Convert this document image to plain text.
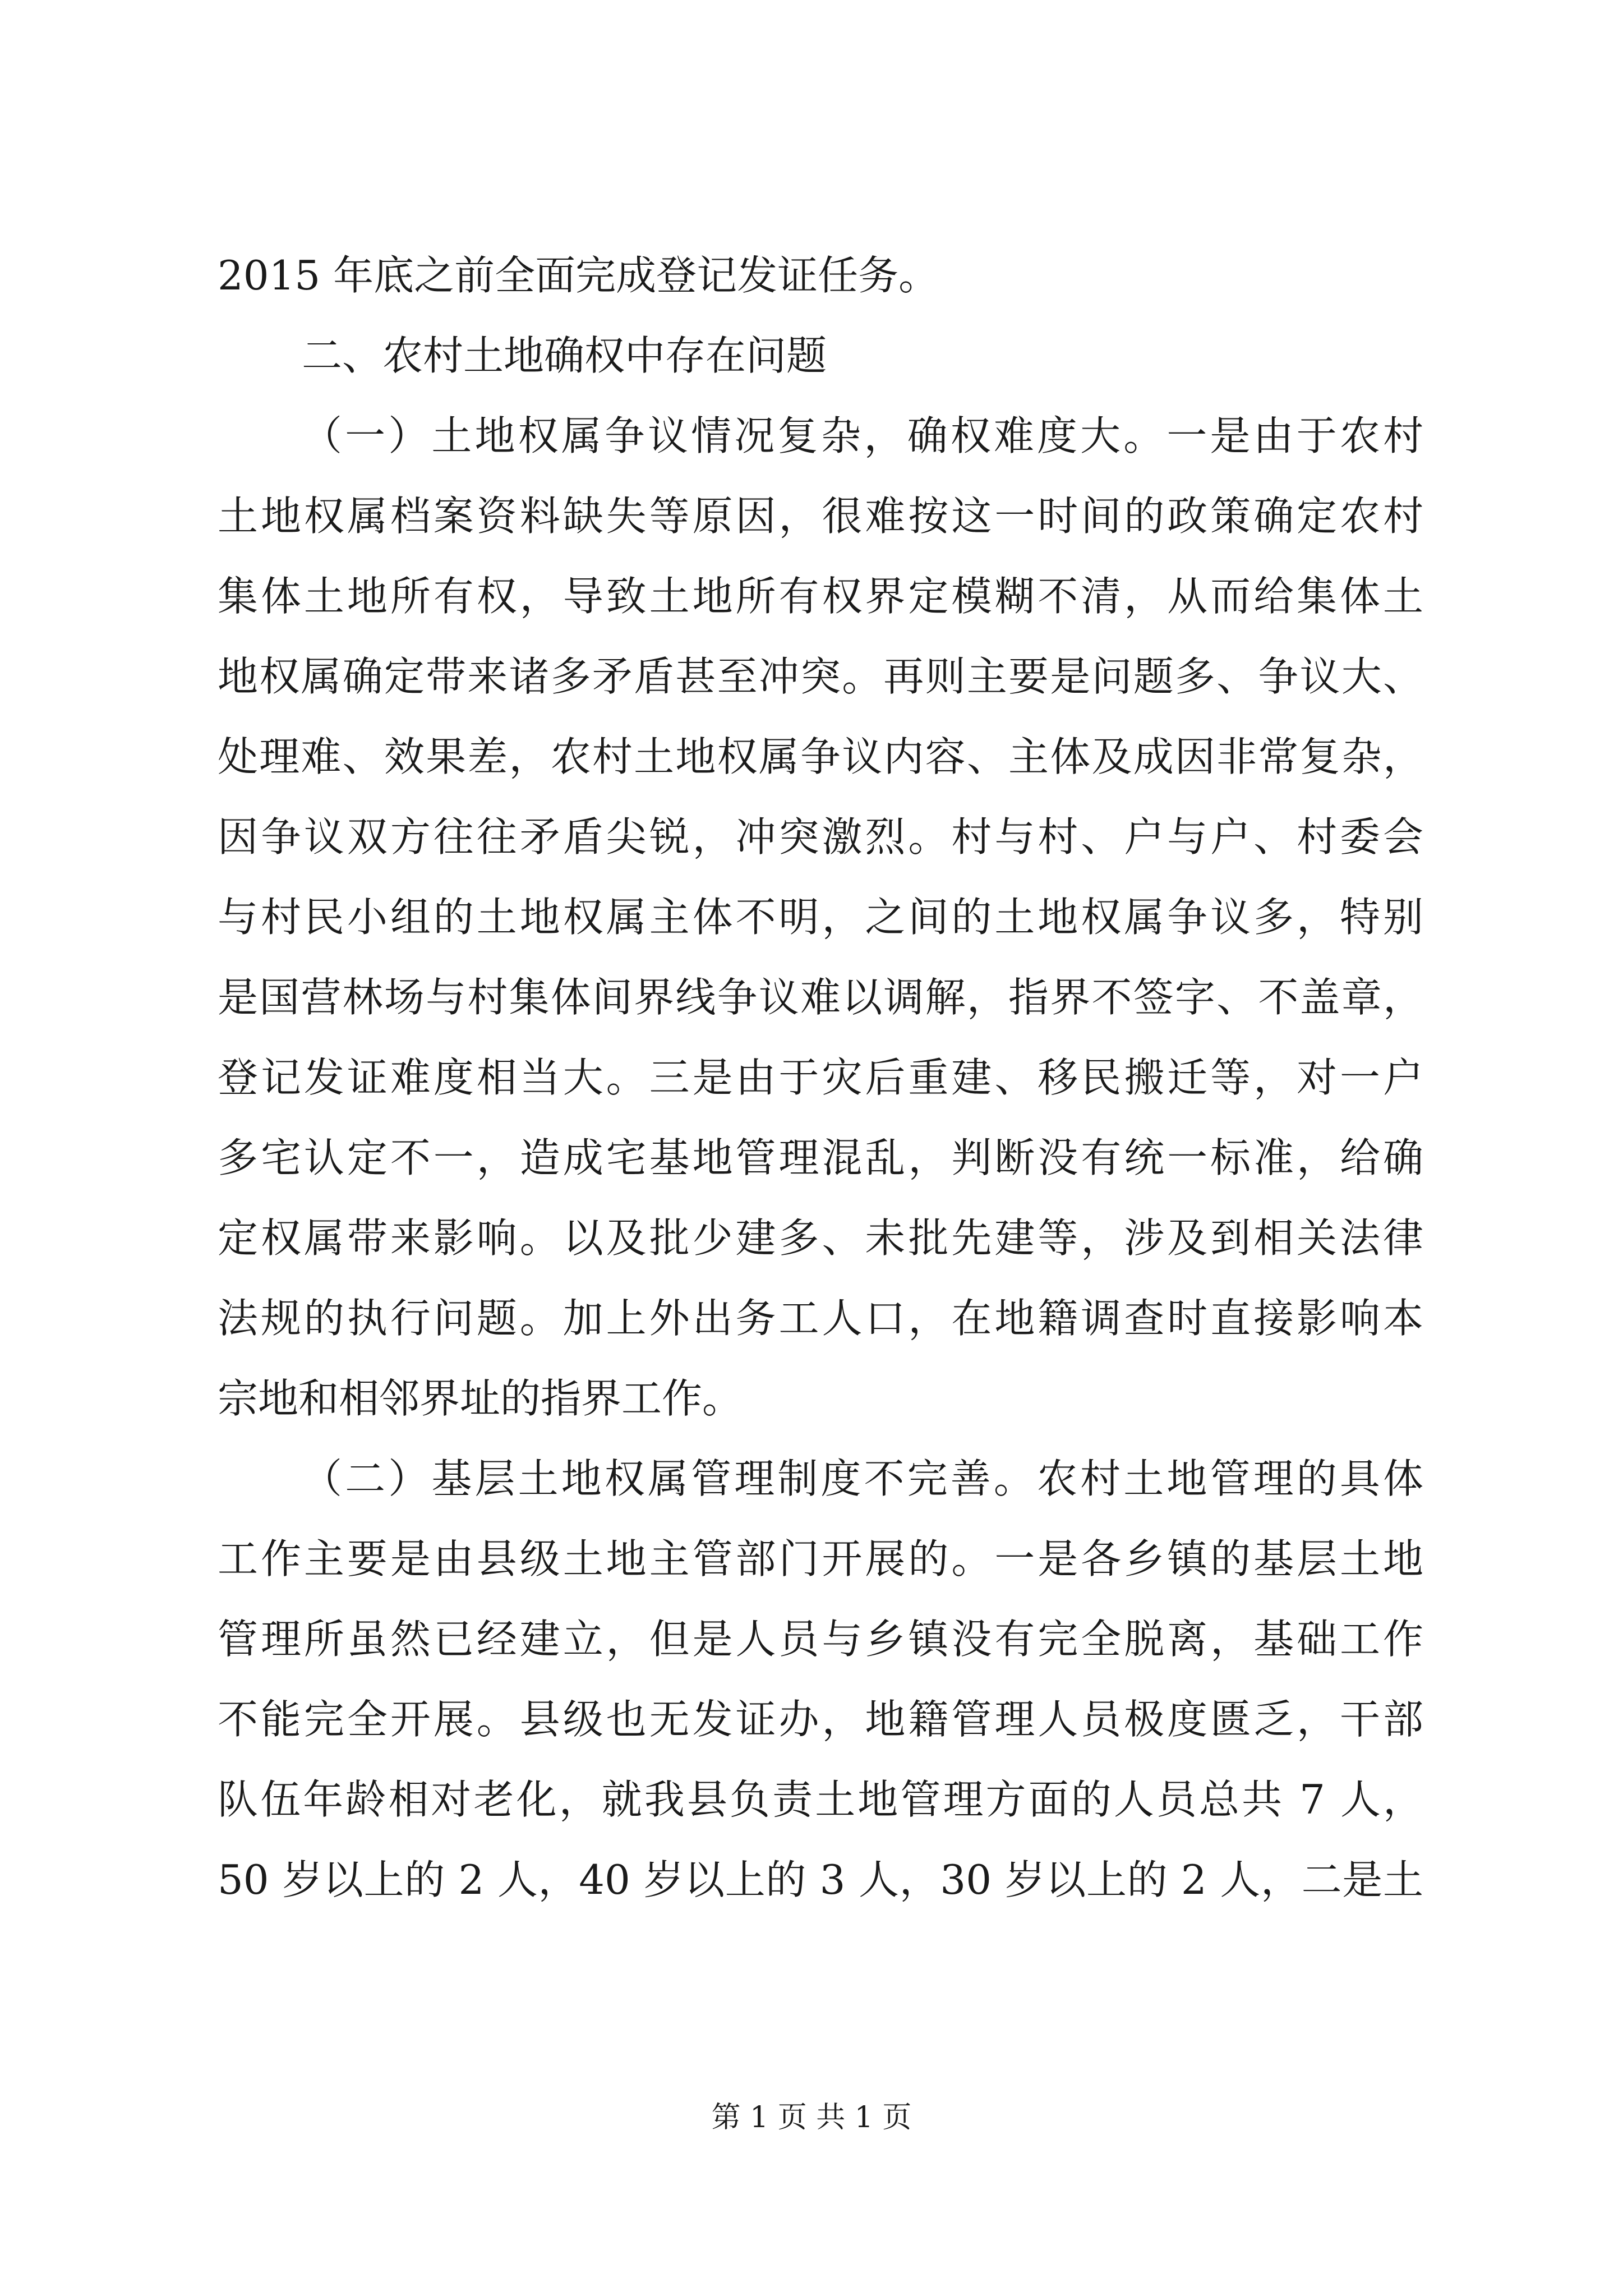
2015 年底之前全面完成登记发证任务。
二、农村土地确权中存在问题
（一）土地权属争议情况复杂，确权难度大。一是由于农村
土地权属档案资料缺失等原因，很难按这一时间的政策确定农村
集体土地所有权，导致土地所有权界定模糊不清，从而给集体土
地权属确定带来诸多矛盾甚至冲突。再则主要是问题多、争议大、
处理难、效果差，农村土地权属争议内容、主体及成因非常复杂，
因争议双方往往矛盾尖锐，冲突激烈。村与村、户与户、村委会
与村民小组的土地权属主体不明，之间的土地权属争议多，特别
是国营林场与村集体间界线争议难以调解，指界不签字、不盖章，
登记发证难度相当大。三是由于灾后重建、移民搬迁等，对一户
多宅认定不一，造成宅基地管理混乱，判断没有统一标准，给确
定权属带来影响。以及批少建多、未批先建等，涉及到相关法律
法规的执行问题。加上外出务工人口，在地籍调查时直接影响本
宗地和相邻界址的指界工作。
（二）基层土地权属管理制度不完善。农村土地管理的具体
工作主要是由县级土地主管部门开展的。一是各乡镇的基层土地
管理所虽然已经建立，但是人员与乡镇没有完全脱离，基础工作
不能完全开展。县级也无发证办，地籍管理人员极度匮乏，干部
队伍年龄相对老化，就我县负责土地管理方面的人员总共 7 人，
50 岁以上的 2 人，40 岁以上的 3 人，30 岁以上的 2 人，二是土
第 1 页 共 1 页
